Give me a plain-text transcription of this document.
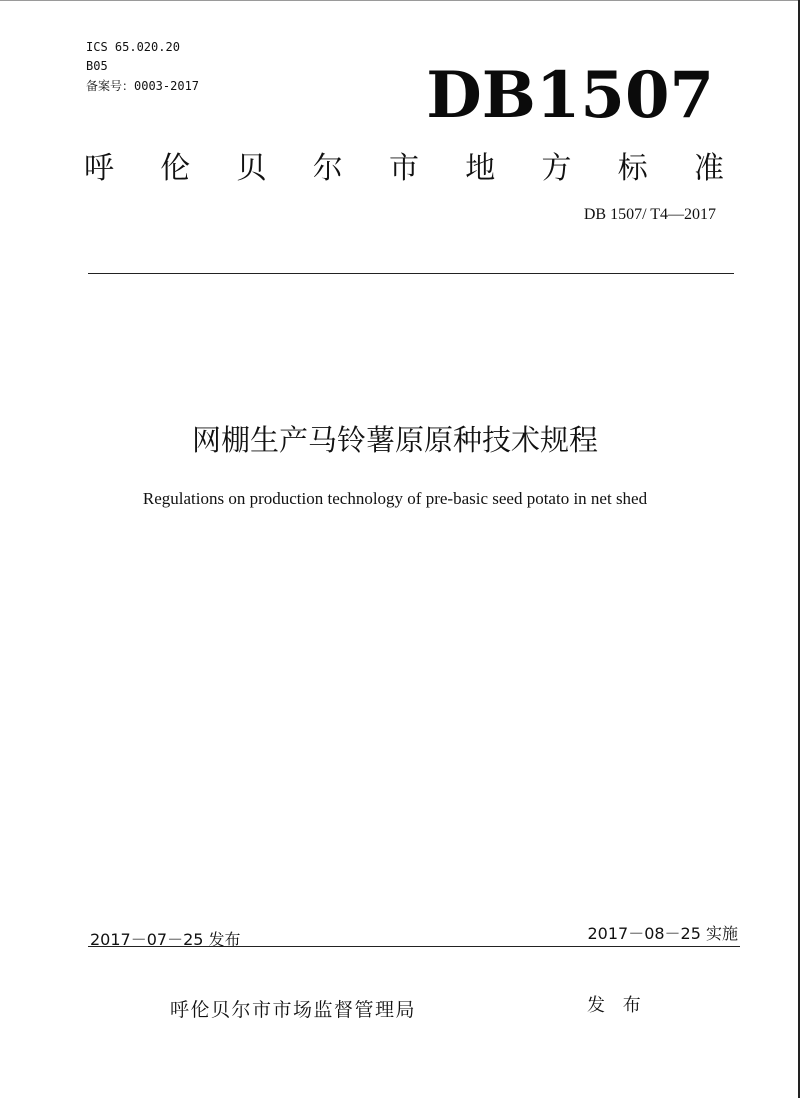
ICS 65.020.20
B05
备案号：0003-2017	DB1507
呼 伦 贝 尔 市 地 方 标 准
DB 1507/ T4—2017
网棚生产马铃薯原原种技术规程
Regulations on production technology of pre-basic seed potato in net shed
2017－07－25 发布	2017－08－25 实施
呼伦贝尔市市场监督管理局	发 布
